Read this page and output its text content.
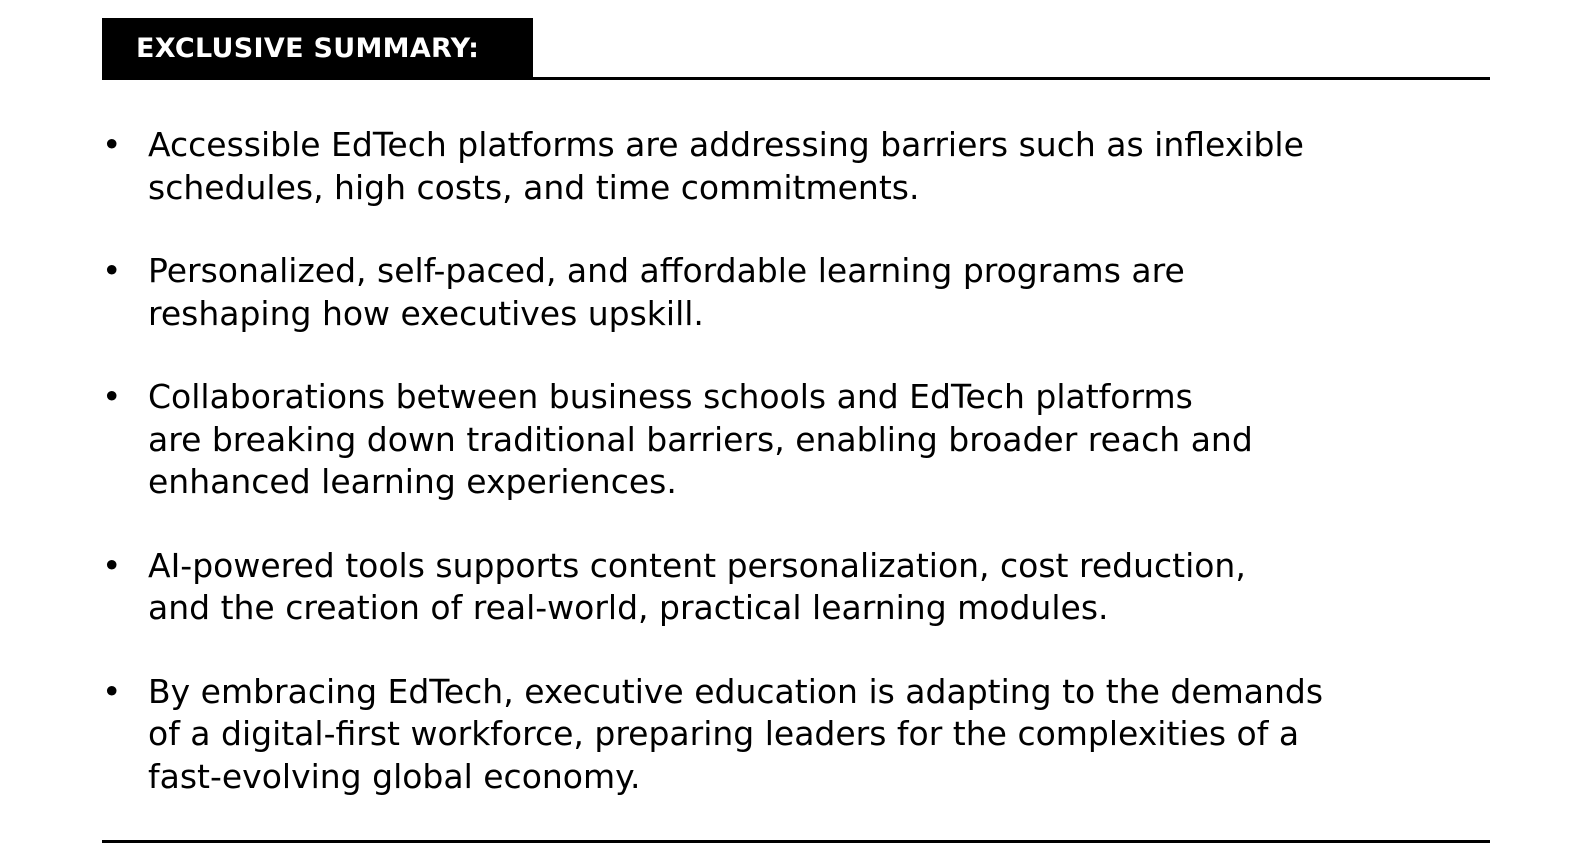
EXCLUSIVE SUMMARY:
• Accessible EdTech platforms are addressing barriers such as inflexible
schedules, high costs, and time commitments.
• Personalized, self-paced, and affordable learning programs are
reshaping how executives upskill.
• Collaborations between business schools and EdTech platforms
are breaking down traditional barriers, enabling broader reach and
enhanced learning experiences.
• AI-powered tools supports content personalization, cost reduction,
and the creation of real-world, practical learning modules.
• By embracing EdTech, executive education is adapting to the demands
of a digital-first workforce, preparing leaders for the complexities of a
fast-evolving global economy.
